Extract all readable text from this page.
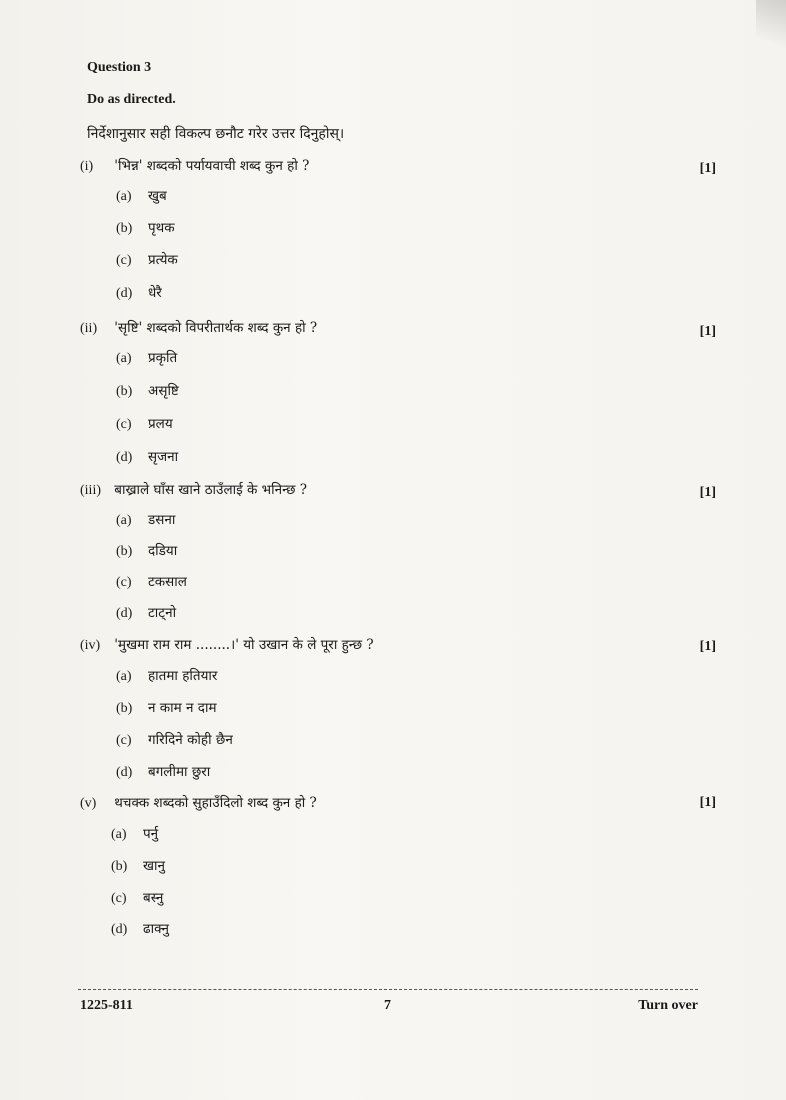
Question 3
Do as directed.
निर्देशानुसार सही विकल्प छनौट गरेर उत्तर दिनुहोस्।
(i) 'भिन्न' शब्दको पर्यायवाची शब्द कुन हो ?	[1]
(a) खुब
(b) पृथक
(c) प्रत्येक
(d) धेरै
(ii) 'सृष्टि' शब्दको विपरीतार्थक शब्द कुन हो ?	[1]
(a) प्रकृति
(b) असृष्टि
(c) प्रलय
(d) सृजना
(iii) बाख्राले घाँस खाने ठाउँलाई के भनिन्छ ?	[1]
(a) डसना
(b) दडिया
(c) टकसाल
(d) टाट्नो
(iv) 'मुखमा राम राम ........।' यो उखान के ले पूरा हुन्छ ?	[1]
(a) हातमा हतियार
(b) न काम न दाम
(c) गरिदिने कोही छैन
(d) बगलीमा छुरा
(v) थचक्क शब्दको सुहाउँदिलो शब्द कुन हो ?	[1]
(a) पर्नु
(b) खानु
(c) बस्नु
(d) ढाक्नु
1225-811	7	Turn over
